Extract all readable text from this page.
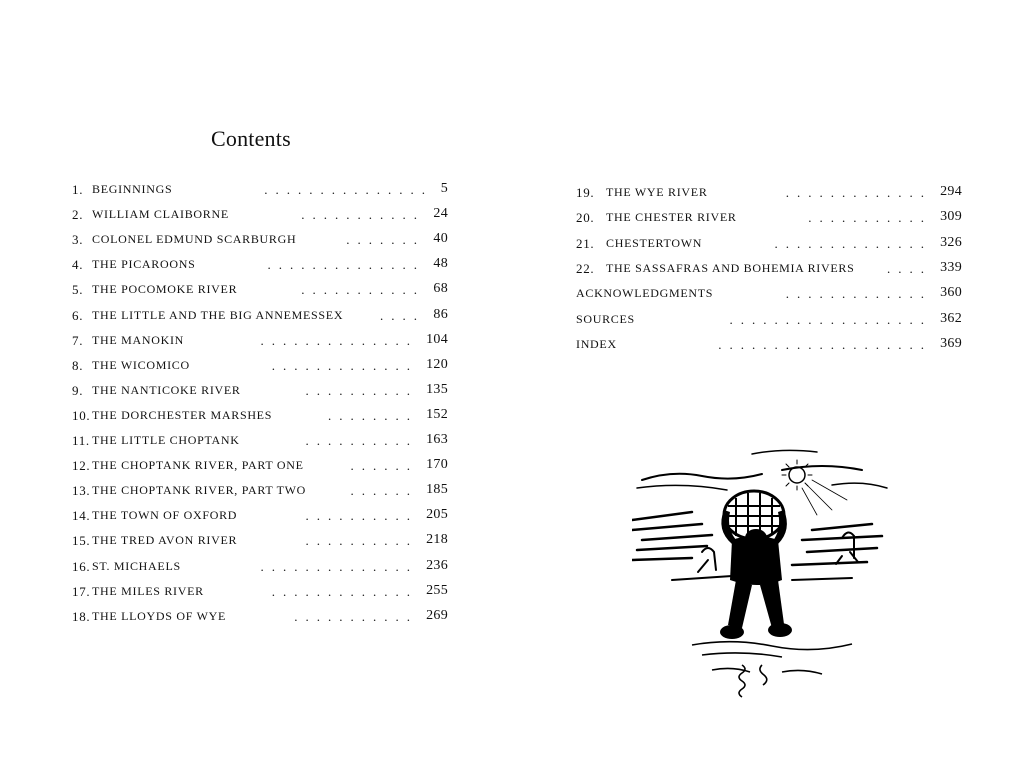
Contents
1. BEGINNINGS	............... 5
2. WILLIAM CLAIBORNE	........... 24
3. COLONEL EDMUND SCARBURGH	....... 40
4. THE PICAROONS	.............. 48
5. THE POCOMOKE RIVER	........... 68
6. THE LITTLE AND THE BIG ANNEMESSEX	.... 86
7. THE MANOKIN	.............. 104
8. THE WICOMICO	............. 120
9. THE NANTICOKE RIVER	.......... 135
10. THE DORCHESTER MARSHES	........ 152
11. THE LITTLE CHOPTANK	.......... 163
12. THE CHOPTANK RIVER, PART ONE	...... 170
13. THE CHOPTANK RIVER, PART TWO	...... 185
14. THE TOWN OF OXFORD	.......... 205
15. THE TRED AVON RIVER	.......... 218
16. ST. MICHAELS	.............. 236
17. THE MILES RIVER	............. 255
18. THE LLOYDS OF WYE	........... 269
19. THE WYE RIVER	............. 294
20. THE CHESTER RIVER	........... 309
21. CHESTERTOWN	.............. 326
22. THE SASSAFRAS AND BOHEMIA RIVERS	.... 339
ACKNOWLEDGMENTS	............. 360
SOURCES	.................. 362
INDEX	................... 369
